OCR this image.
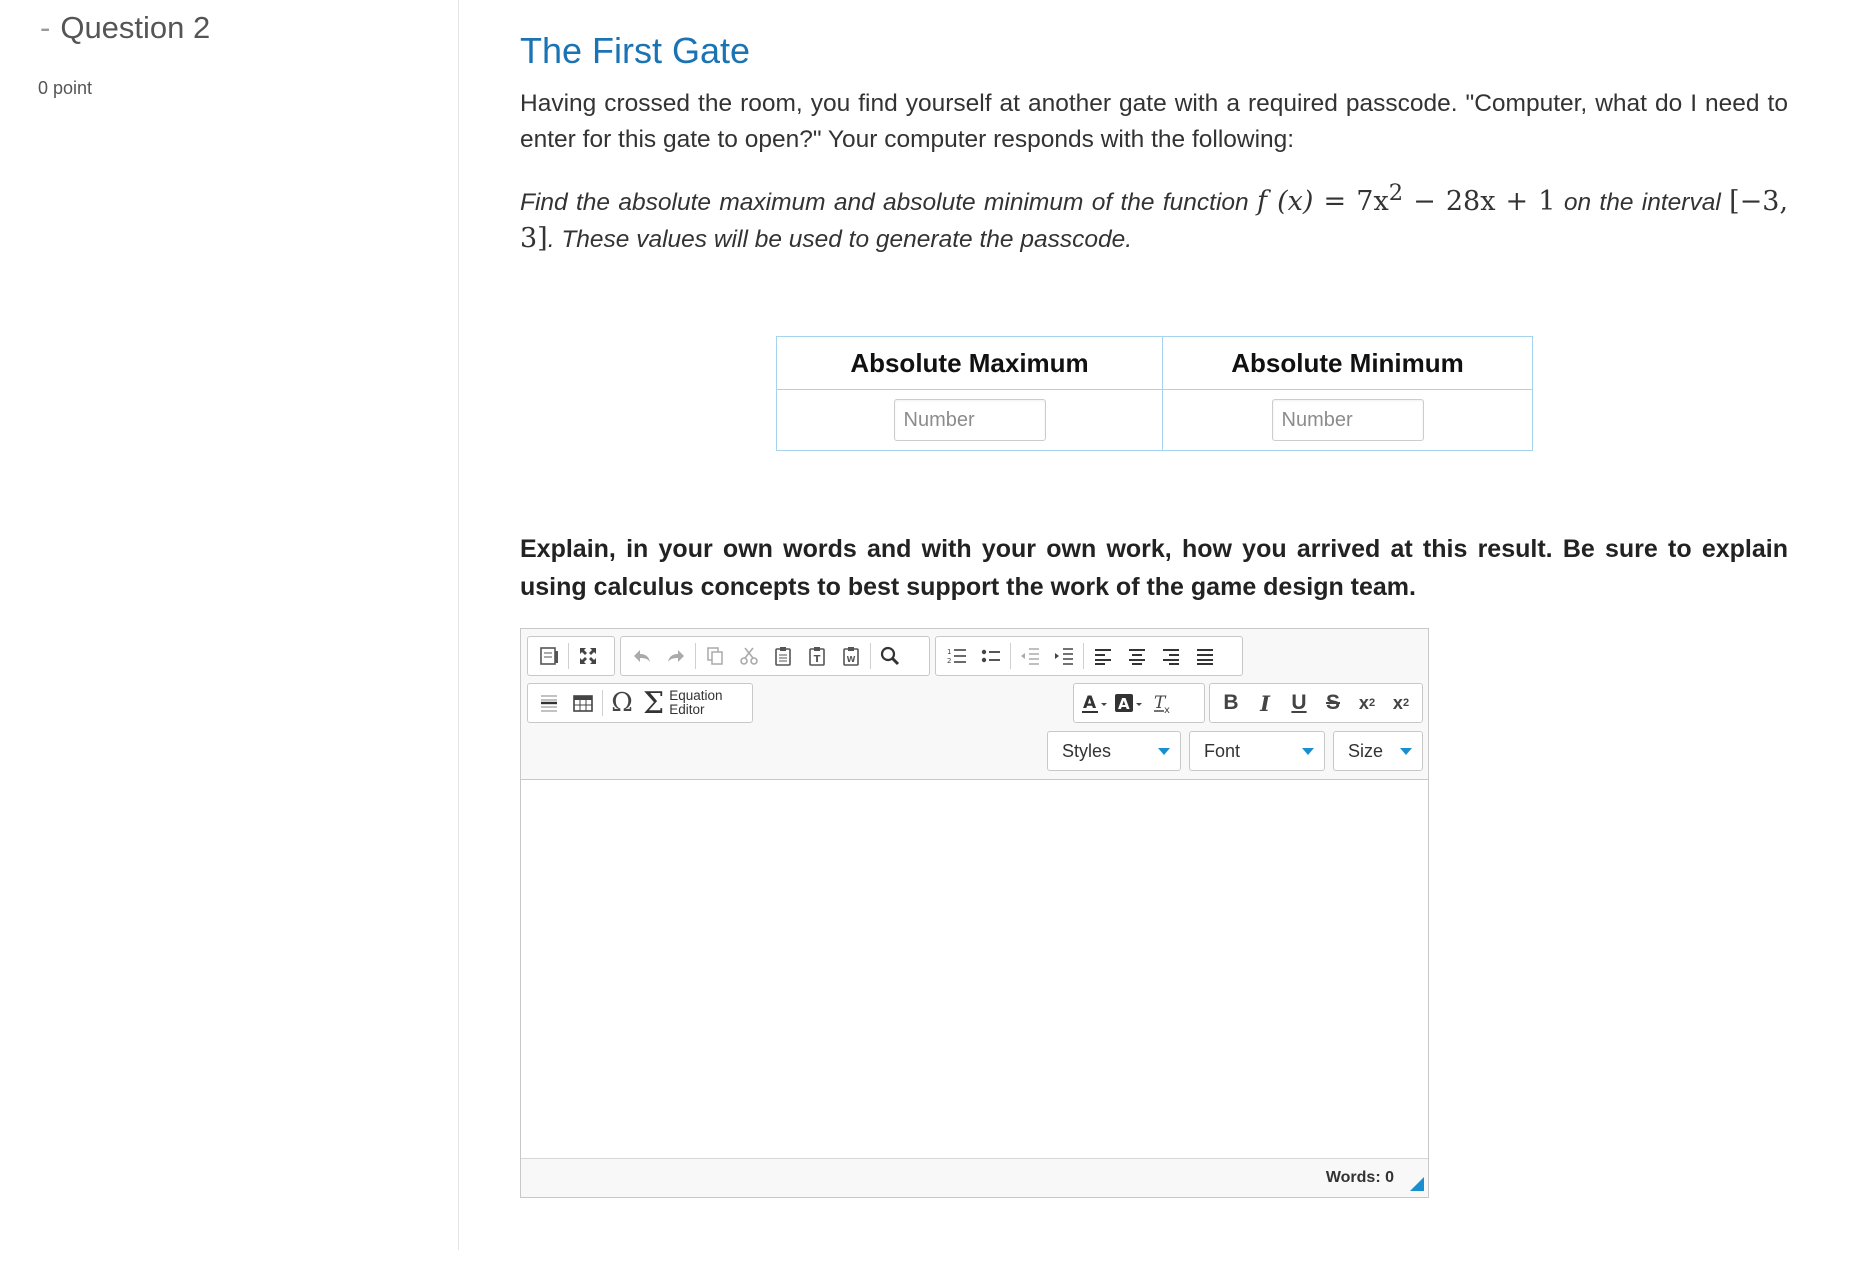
- Question 2
0 point
The First Gate

Having crossed the room, you find yourself at another gate with a required passcode. "Computer, what do I need to enter for this gate to open?" Your computer responds with the following:

Find the absolute maximum and absolute minimum of the function f $(x) = 7x^2 - 28x + 1$ on the interval [−3, 3]. These values will be used to generate the passcode.

Absolute Maximum	Absolute Minimum
Number	Number

Explain, in your own words and with your own work, how you arrived at this result. Be sure to explain using calculus concepts to best support the work of the game design team.

T	W
1
2
Ω Σ Equation
Editor	A A T
x	B	I	U S	x 2 x 2
Styles	Font	Size
Words: 0
